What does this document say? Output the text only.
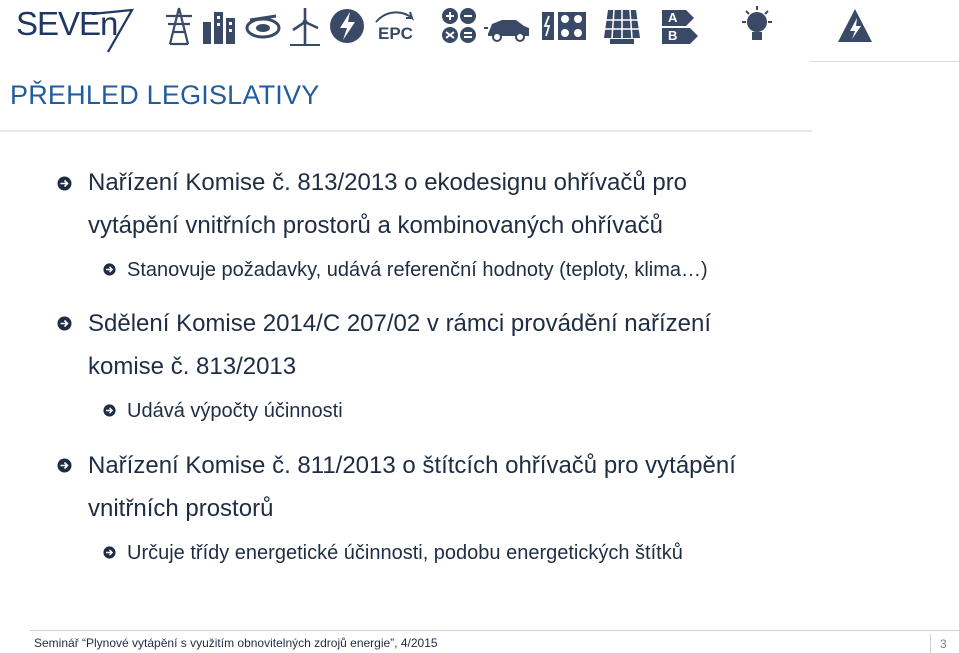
SEVEn	EPC
A
B
PŘEHLED LEGISLATIVY
Nařízení Komise č. 813/2013 o ekodesignu ohřívačů pro
vytápění vnitřních prostorů a kombinovaných ohřívačů
Stanovuje požadavky, udává referenční hodnoty (teploty, klima…)
Sdělení Komise 2014/C 207/02 v rámci provádění nařízení
komise č. 813/2013
Udává výpočty účinnosti
Nařízení Komise č. 811/2013 o štítcích ohřívačů pro vytápění
vnitřních prostorů
Určuje třídy energetické účinnosti, podobu energetických štítků
Seminář “Plynové vytápění s využitím obnovitelných zdrojů energie”, 4/2015	3
